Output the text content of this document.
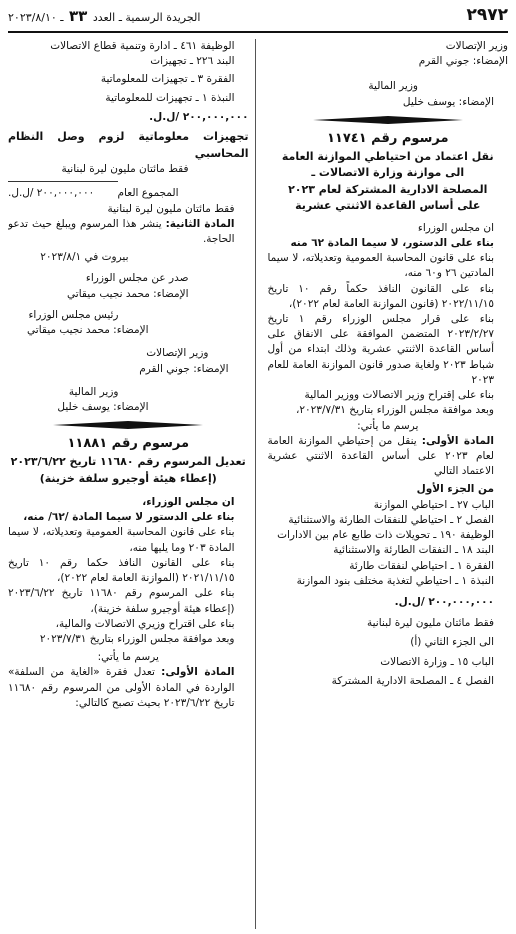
٢٩٧٢
الجريدة الرسمية ـ العدد ٣٣ ـ ٢٠٢٣/٨/١٠

وزير الإتصالات

الإمضاء: جوني القرم

وزير المالية

الإمضاء: يوسف خليل

مرسوم رقم ١١٧٤١

نقل اعتماد من احتياطي الموازنة العامة

الى موازنة وزارة الاتصالات ـ

المصلحة الادارية المشتركة لعام ٢٠٢٣

على أساس القاعدة الاثنتي عشرية

ان مجلس الوزراء

بناء على الدستور، لا سيما المادة ٦٢ منه

بناء على قانون المحاسبة العمومية وتعديلاته، لا سيما المادتين ٢٦ و٦٠ منه،

بناء على القانون النافذ حكماً رقم ١٠ تاريخ ٢٠٢٢/١١/١٥ (قانون الموازنة العامة لعام ٢٠٢٢)،

بناء على قرار مجلس الوزراء رقم ١ تاريخ ٢٠٢٣/٢/٢٧ المتضمن الموافقة على الانفاق على أساس القاعدة الاثنتي عشرية وذلك ابتداء من أول شباط ٢٠٢٣ ولغاية صدور قانون الموازنة العامة للعام ٢٠٢٣

بناء على إقتراح وزير الاتصالات ووزير المالية

وبعد موافقة مجلس الوزراء بتاريخ ٢٠٢٣/٧/٣١،

يرسم ما يأتي:

المادة الأولى: ينقل من إحتياطي الموازنة العامة لعام ٢٠٢٣ على أساس القاعدة الاثنتي عشرية الاعتماد التالي

من الجزء الأول

الباب ٢٧ ـ احتياطي الموازنة

الفصل ٢ ـ احتياطي للنفقات الطارئة والاستثنائية

الوظيفة ١٩٠ ـ تحويلات ذات طابع عام بين الادارات

البند ١٨ ـ النفقات الطارئة والاستثنائية

الفقرة ١ ـ احتياطي لنفقات طارئة

النبذة ١ ـ احتياطي لتغذية مختلف بنود الموازنة

٢٠٠,٠٠٠,٠٠٠ /ل.ل.

فقط مائتان مليون ليرة لبنانية

الى الجزء الثاني (أ)

الباب ١٥ ـ وزارة الاتصالات

الفصل ٤ ـ المصلحة الادارية المشتركة

الوظيفة ٤٦١ ـ ادارة وتنمية قطاع الاتصالات

البند ٢٢٦ ـ تجهيزات

الفقرة ٣ ـ تجهيزات للمعلوماتية

النبذة ١ ـ تجهيزات للمعلوماتية

٢٠٠,٠٠٠,٠٠٠ /ل.ل.

تجهيزات معلوماتية لزوم وصل النظام المحاسبي

فقط مائتان مليون ليرة لبنانية

المجموع العام
٢٠٠,٠٠٠,٠٠٠ /ل.ل.

فقط مائتان مليون ليرة لبنانية

المادة الثانية: ينشر هذا المرسوم ويبلغ حيث تدعو الحاجة.

بيروت في ٢٠٢٣/٨/١

صدر عن مجلس الوزراء

الإمضاء: محمد نجيب ميقاتي

رئيس مجلس الوزراء

الإمضاء: محمد نجيب ميقاتي

وزير الإتصالات

الإمضاء: جوني القرم

وزير المالية

الإمضاء: يوسف خليل

مرسوم رقم ١١٨٨١

تعديل المرسوم رقم ١١٦٨٠ تاريخ ٢٠٢٣/٦/٢٢

(إعطاء هيئة أوجيرو سلفة خزينة)

ان مجلس الوزراء،

بناء على الدستور لا سيما المادة /٦٢/ منه،

بناء على قانون المحاسبة العمومية وتعديلاته، لا سيما المادة ٢٠٣ وما يليها منه،

بناء على القانون النافذ حكما رقم ١٠ تاريخ ٢٠٢١/١١/١٥ (الموازنة العامة لعام ٢٠٢٢)،

بناء على المرسوم رقم ١١٦٨٠ تاريخ ٢٠٢٣/٦/٢٢ (إعطاء هيئة أوجيرو سلفة خزينة)،

بناء على اقتراح وزيري الاتصالات والمالية،

وبعد موافقة مجلس الوزراء بتاريخ ٢٠٢٣/٧/٣١

يرسم ما يأتي:

المادة الأولى: تعدل فقرة «الغاية من السلفة» الواردة في المادة الأولى من المرسوم رقم ١١٦٨٠ تاريخ ٢٠٢٣/٦/٢٢ بحيث تصبح كالتالي:
